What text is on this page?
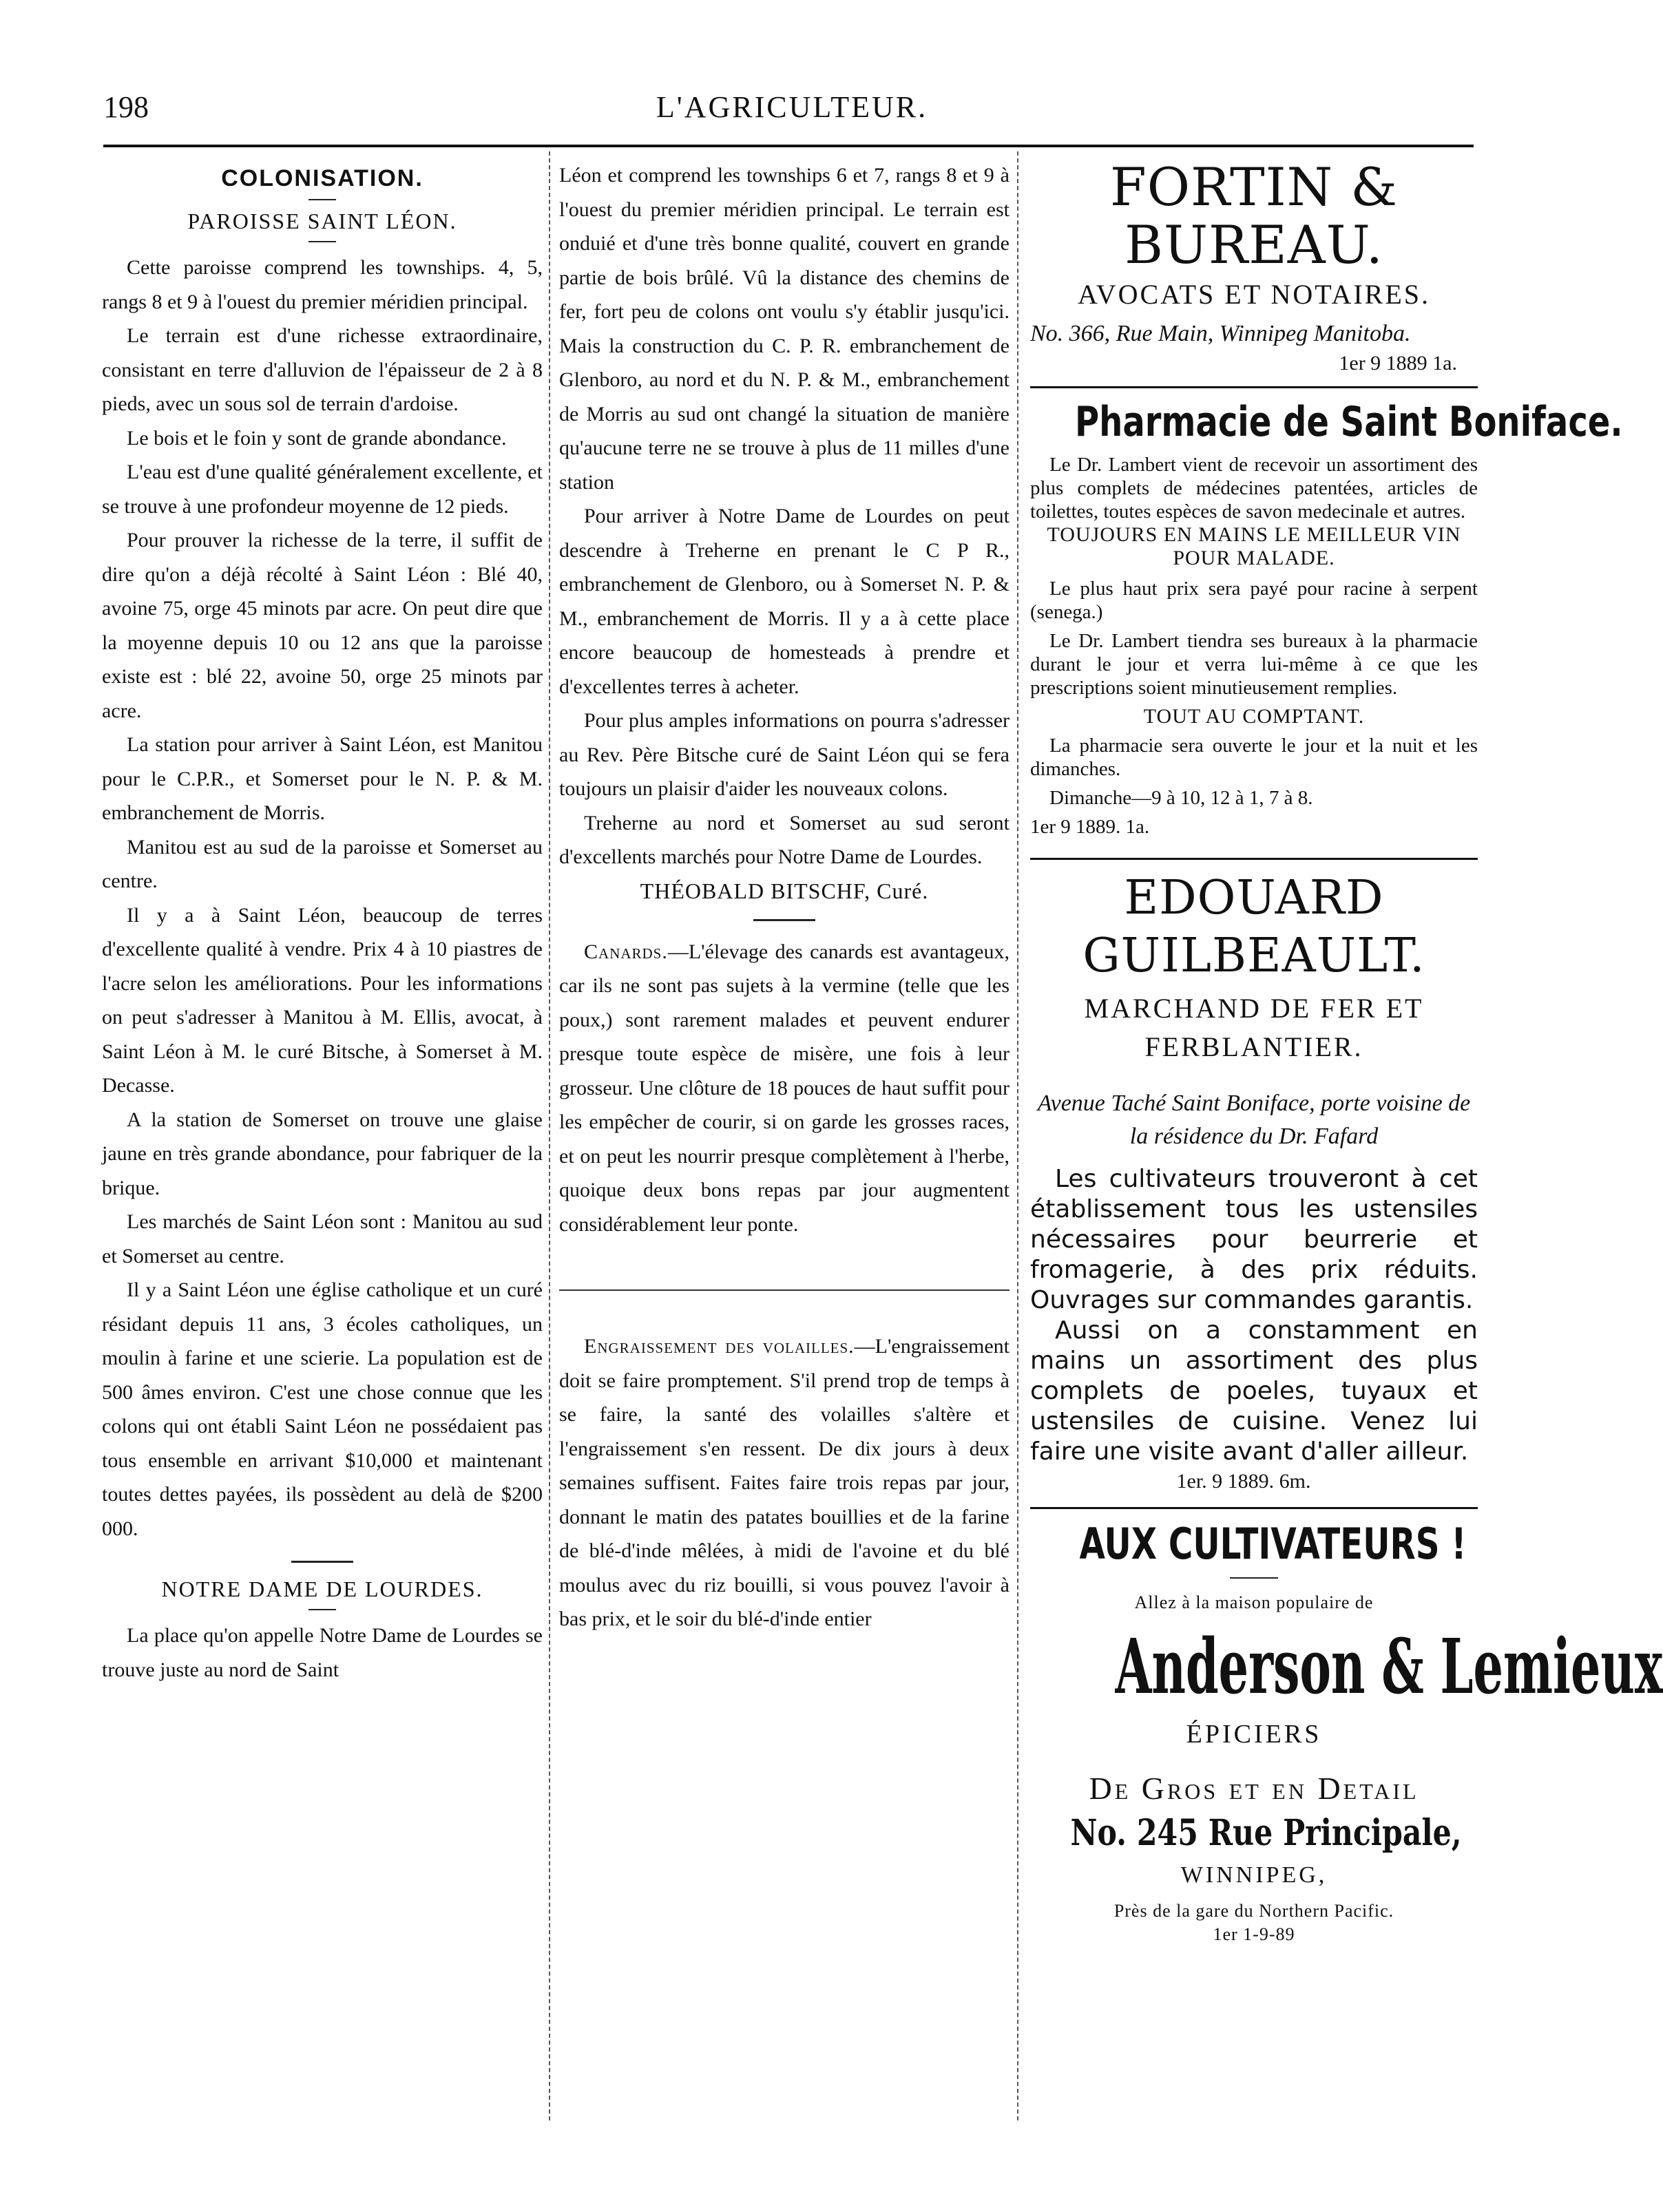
198	L'AGRICULTEUR.
COLONISATION.
PAROISSE SAINT LÉON.

Cette paroisse comprend les townships. 4, 5, rangs 8 et 9 à l'ouest du premier méridien principal.

Le terrain est d'une richesse extraordinaire, consistant en terre d'alluvion de l'épaisseur de 2 à 8 pieds, avec un sous sol de terrain d'ardoise.

Le bois et le foin y sont de grande abondance.

L'eau est d'une qualité généralement excellente, et se trouve à une profondeur moyenne de 12 pieds.

Pour prouver la richesse de la terre, il suffit de dire qu'on a déjà récolté à Saint Léon : Blé 40, avoine 75, orge 45 minots par acre. On peut dire que la moyenne depuis 10 ou 12 ans que la paroisse existe est : blé 22, avoine 50, orge 25 minots par acre.

La station pour arriver à Saint Léon, est Manitou pour le C.P.R., et Somerset pour le N. P. & M. embranchement de Morris.

Manitou est au sud de la paroisse et Somerset au centre.

Il y a à Saint Léon, beaucoup de terres d'excellente qualité à vendre. Prix 4 à 10 piastres de l'acre selon les améliorations. Pour les informations on peut s'adresser à Manitou à M. Ellis, avocat, à Saint Léon à M. le curé Bitsche, à Somerset à M. Decasse.

A la station de Somerset on trouve une glaise jaune en très grande abondance, pour fabriquer de la brique.

Les marchés de Saint Léon sont : Manitou au sud et Somerset au centre.

Il y a Saint Léon une église catholique et un curé résidant depuis 11 ans, 3 écoles catholiques, un moulin à farine et une scierie. La population est de 500 âmes environ. C'est une chose connue que les colons qui ont établi Saint Léon ne possédaient pas tous ensemble en arrivant $10,000 et maintenant toutes dettes payées, ils possèdent au delà de $200 000.

NOTRE DAME DE LOURDES.

La place qu'on appelle Notre Dame de Lourdes se trouve juste au nord de Saint

Léon et comprend les townships 6 et 7, rangs 8 et 9 à l'ouest du premier méridien principal. Le terrain est onduié et d'une très bonne qualité, couvert en grande partie de bois brûlé. Vû la distance des chemins de fer, fort peu de colons ont voulu s'y établir jusqu'ici. Mais la construction du C. P. R. embranchement de Glenboro, au nord et du N. P. & M., embranchement de Morris au sud ont changé la situation de manière qu'aucune terre ne se trouve à plus de 11 milles d'une station

Pour arriver à Notre Dame de Lourdes on peut descendre à Treherne en prenant le C P R., embranchement de Glenboro, ou à Somerset N. P. & M., embranchement de Morris. Il y a à cette place encore beaucoup de homesteads à prendre et d'excellentes terres à acheter.

Pour plus amples informations on pourra s'adresser au Rev. Père Bitsche curé de Saint Léon qui se fera toujours un plaisir d'aider les nouveaux colons.

Treherne au nord et Somerset au sud seront d'excellents marchés pour Notre Dame de Lourdes.

THÉOBALD BITSCHF, Curé.

Canards.—L'élevage des canards est avantageux, car ils ne sont pas sujets à la vermine (telle que les poux,) sont rarement malades et peuvent endurer presque toute espèce de misère, une fois à leur grosseur. Une clôture de 18 pouces de haut suffit pour les empêcher de courir, si on garde les grosses races, et on peut les nourrir presque complètement à l'herbe, quoique deux bons repas par jour augmentent considérablement leur ponte.

Engraissement des volailles.—L'engraissement doit se faire promptement. S'il prend trop de temps à se faire, la santé des volailles s'altère et l'engraissement s'en ressent. De dix jours à deux semaines suffisent. Faites faire trois repas par jour, donnant le matin des patates bouillies et de la farine de blé-d'inde mêlées, à midi de l'avoine et du blé moulus avec du riz bouilli, si vous pouvez l'avoir à bas prix, et le soir du blé-d'inde entier

FORTIN & BUREAU.
AVOCATS ET NOTAIRES.
No. 366, Rue Main, Winnipeg Manitoba.
1er 9 1889 1a.
Pharmacie de Saint Boniface.

Le Dr. Lambert vient de recevoir un assortiment des plus complets de médecines patentées, articles de toilettes, toutes espèces de savon medecinale et autres.

TOUJOURS EN MAINS LE MEILLEUR VIN POUR MALADE.

Le plus haut prix sera payé pour racine à serpent (senega.)

Le Dr. Lambert tiendra ses bureaux à la pharmacie durant le jour et verra lui-même à ce que les prescriptions soient minutieusement remplies.

TOUT AU COMPTANT.

La pharmacie sera ouverte le jour et la nuit et les dimanches.

Dimanche—9 à 10, 12 à 1, 7 à 8.

1er 9 1889. 1a.

EDOUARD GUILBEAULT.
MARCHAND DE FER ET FERBLANTIER.
Avenue Taché Saint Boniface, porte voisine de la résidence du Dr. Fafard

Les cultivateurs trouveront à cet établissement tous les ustensiles nécessaires pour beurrerie et fromagerie, à des prix réduits. Ouvrages sur commandes garantis.

Aussi on a constamment en mains un assortiment des plus complets de poeles, tuyaux et ustensiles de cuisine. Venez lui faire une visite avant d'aller ailleur.

1er. 9 1889. 6m.
AUX CULTIVATEURS !
Allez à la maison populaire de
Anderson & Lemieux
ÉPICIERS
De Gros et en Detail
No. 245 Rue Principale,
WINNIPEG,
Près de la gare du Northern Pacific.
1er 1-9-89
